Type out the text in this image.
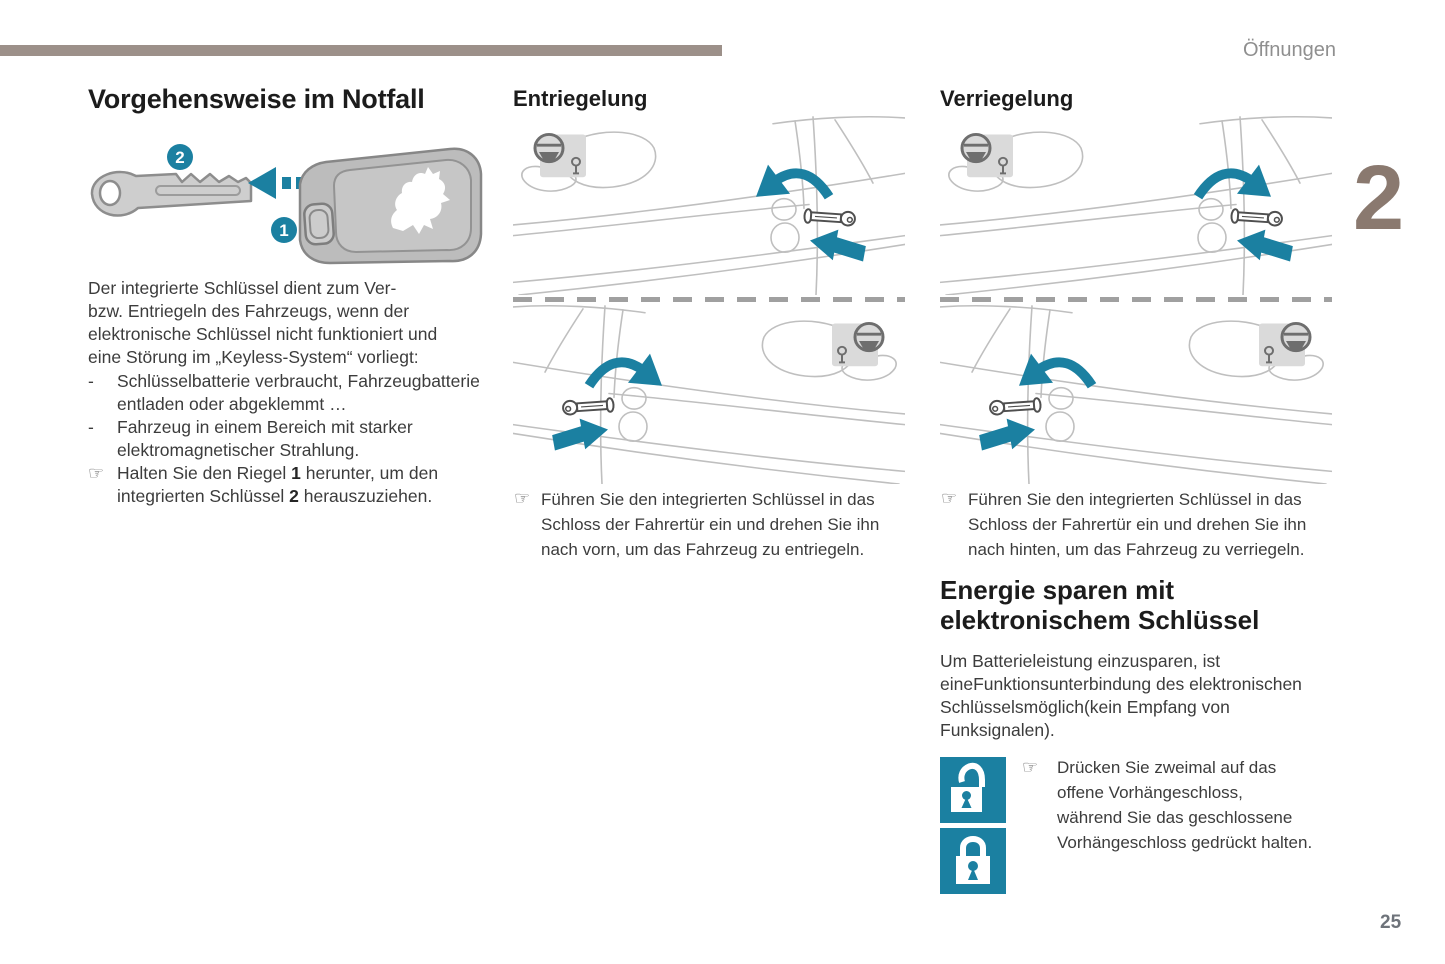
Öffnungen
2
25
Vorgehensweise im Notfall
2
1
Der integrierte Schlüssel dient zum Ver-
bzw. Entriegeln des Fahrzeugs, wenn der
elektronische Schlüssel nicht funktioniert und
eine Störung im „Keyless-System“ vorliegt:
-	Schlüsselbatterie verbraucht, Fahrzeugbatterie
entladen oder abgeklemmt …
-	Fahrzeug in einem Bereich mit starker
elektromagnetischer Strahlung.
☞ Halten Sie den Riegel 1 herunter, um den
integrierten Schlüssel 2 herauszuziehen.
Entriegelung
☞ Führen Sie den integrierten Schlüssel in das
Schloss der Fahrertür ein und drehen Sie ihn
nach vorn, um das Fahrzeug zu entriegeln.
Verriegelung
☞ Führen Sie den integrierten Schlüssel in das
Schloss der Fahrertür ein und drehen Sie ihn
nach hinten, um das Fahrzeug zu verriegeln.
Energie sparen mit
elektronischem Schlüssel
Um Batterieleistung einzusparen, ist
eineFunktionsunterbindung des elektronischen
Schlüsselsmöglich(kein Empfang von
Funksignalen).
☞ Drücken Sie zweimal auf das
offene Vorhängeschloss,
während Sie das geschlossene
Vorhängeschloss gedrückt halten.
